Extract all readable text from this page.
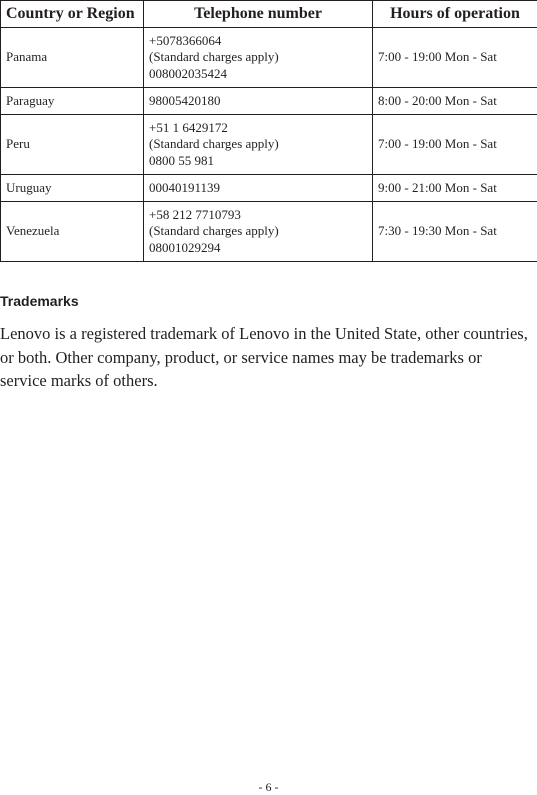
Country or Region	Telephone number	Hours of operation
Panama	+5078366064
(Standard charges apply)
008002035424	7:00 - 19:00 Mon - Sat
Paraguay	98005420180	8:00 - 20:00 Mon - Sat
Peru	+51 1 6429172
(Standard charges apply)
0800 55 981	7:00 - 19:00 Mon - Sat
Uruguay	00040191139	9:00 - 21:00 Mon - Sat
Venezuela	+58 212 7710793
(Standard charges apply)
08001029294	7:30 - 19:30 Mon - Sat
Trademarks

Lenovo is a registered trademark of Lenovo in the United State, other countries, or both. Other company, product, or service names may be trademarks or service marks of others.

- 6 -
